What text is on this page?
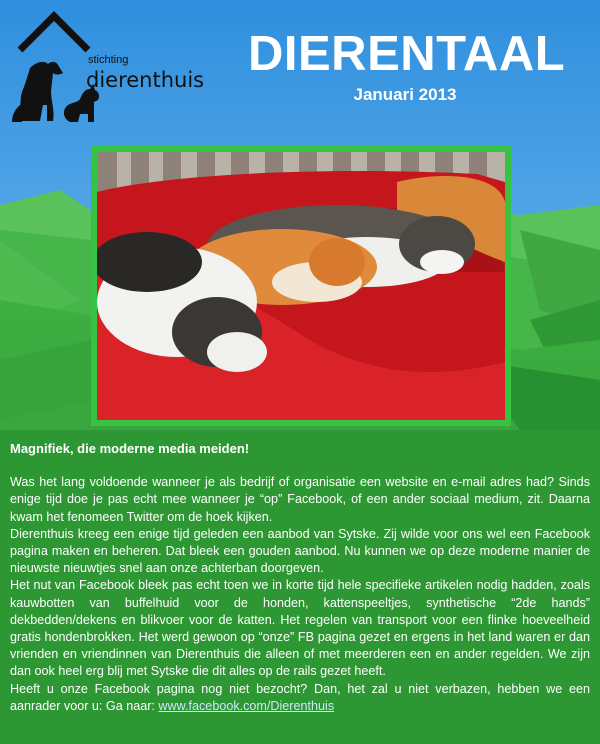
stichting
dierenthuis DIERENTAAL
Januari 2013
Magnifiek, die moderne media meiden!

Was het lang voldoende wanneer je als bedrijf of organisatie een website en e-mail adres had? Sinds enige tijd doe je pas echt mee wanneer je “op” Facebook, of een ander sociaal medium, zit. Daarna kwam het fenomeen Twitter om de hoek kijken.

Dierenthuis kreeg een enige tijd geleden een aanbod van Sytske. Zij wilde voor ons wel een Facebook pagina maken en beheren. Dat bleek een gouden aanbod. Nu kunnen we op deze moderne manier de nieuwste nieuwtjes snel aan onze achterban doorgeven.

Het nut van Facebook bleek pas echt toen we in korte tijd hele specifieke artikelen nodig hadden, zoals kauwbotten van buffelhuid voor de honden, kattenspeeltjes, synthetische “2de hands” dekbedden/dekens en blikvoer voor de katten. Het regelen van transport voor een flinke hoeveelheid gratis hondenbrokken. Het werd gewoon op “onze” FB pagina gezet en ergens in het land waren er dan vrienden en vriendinnen van Dierenthuis die alleen of met meerderen een en ander regelden. We zijn dan ook heel erg blij met Sytske die dit alles op de rails gezet heeft.

Heeft u onze Facebook pagina nog niet bezocht? Dan, het zal u niet verbazen, hebben we een aanrader voor u: Ga naar: www.facebook.com/Dierenthuis
